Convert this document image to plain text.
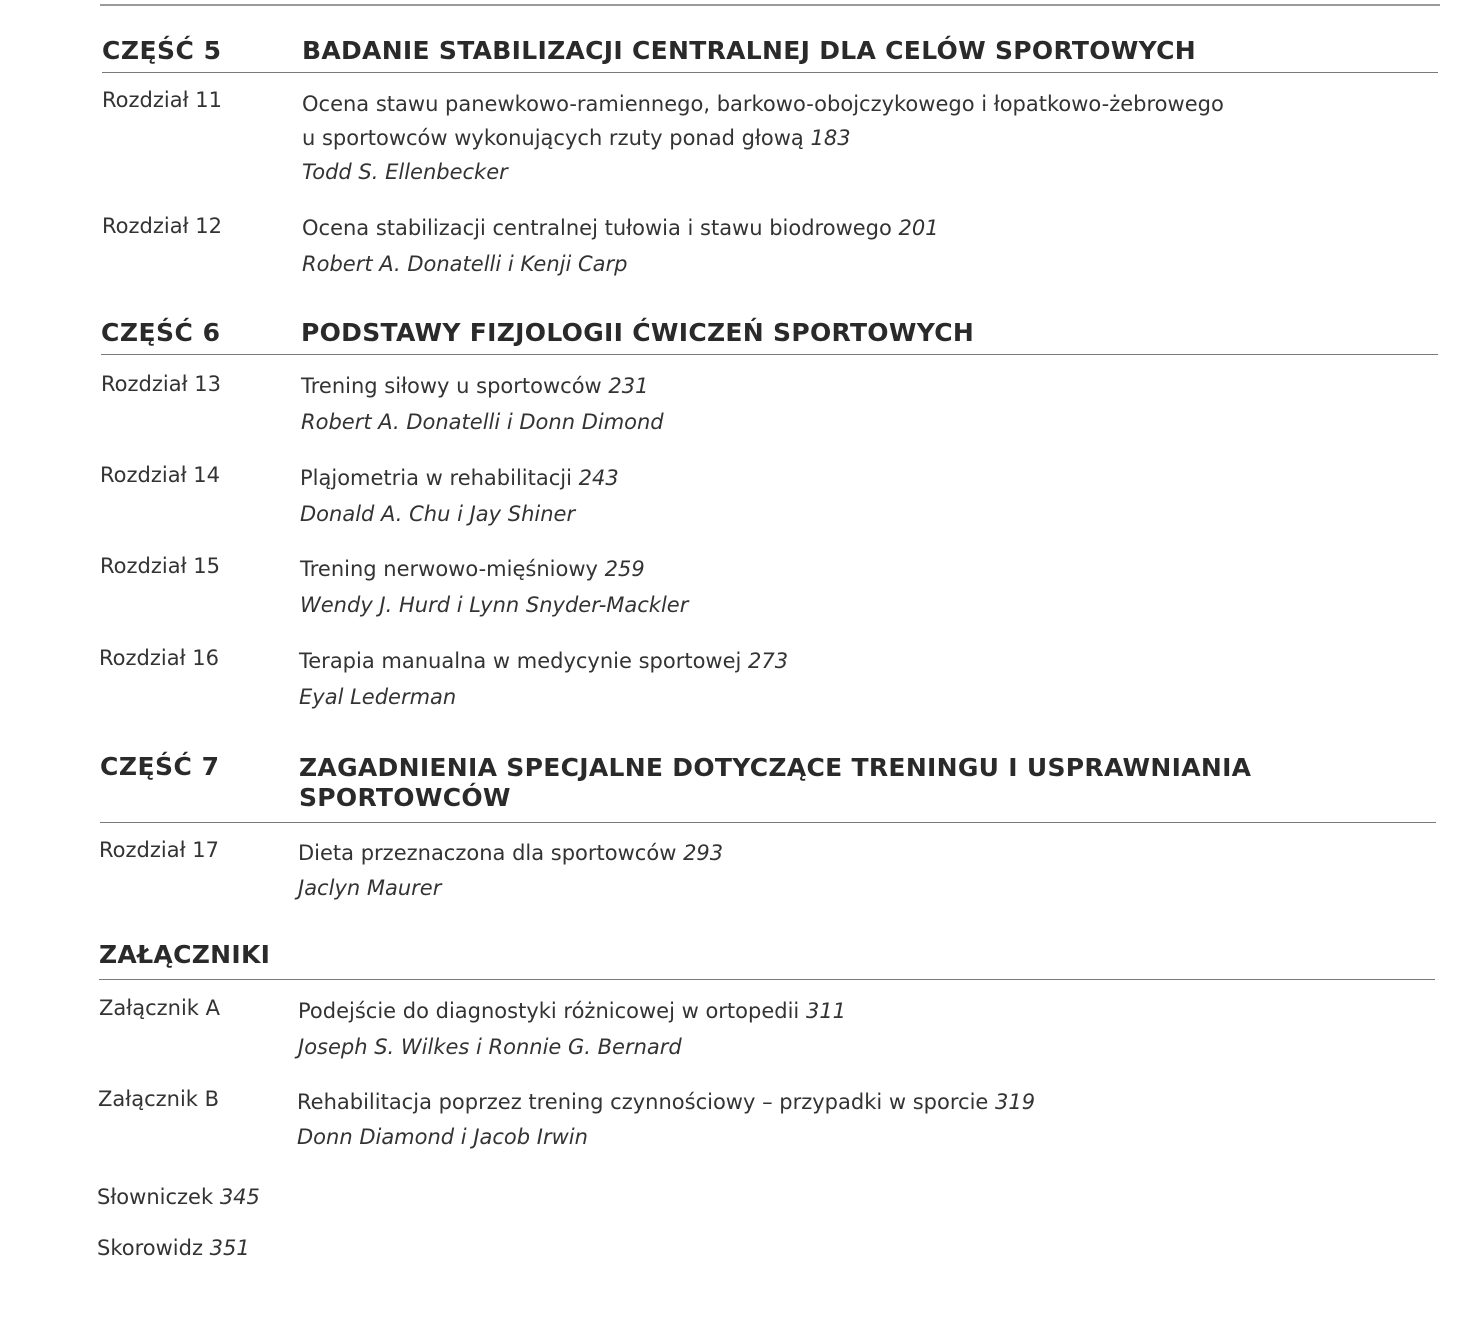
CZĘŚĆ 5	BADANIE STABILIZACJI CENTRALNEJ DLA CELÓW SPORTOWYCH
Rozdział 11	Ocena stawu panewkowo-ramiennego, barkowo-obojczykowego i łopatkowo-żebrowego
u sportowców wykonujących rzuty ponad głową 183
Todd S. Ellenbecker
Rozdział 12	Ocena stabilizacji centralnej tułowia i stawu biodrowego 201
Robert A. Donatelli i Kenji Carp
CZĘŚĆ 6	PODSTAWY FIZJOLOGII ĆWICZEŃ SPORTOWYCH
Rozdział 13	Trening siłowy u sportowców 231
Robert A. Donatelli i Donn Dimond
Rozdział 14	Pląjometria w rehabilitacji 243
Donald A. Chu i Jay Shiner
Rozdział 15	Trening nerwowo-mięśniowy 259
Wendy J. Hurd i Lynn Snyder-Mackler
Rozdział 16	Terapia manualna w medycynie sportowej 273
Eyal Lederman
CZĘŚĆ 7	ZAGADNIENIA SPECJALNE DOTYCZĄCE TRENINGU I USPRAWNIANIA
SPORTOWCÓW
Rozdział 17	Dieta przeznaczona dla sportowców 293
Jaclyn Maurer
ZAŁĄCZNIKI
Załącznik A	Podejście do diagnostyki różnicowej w ortopedii 311
Joseph S. Wilkes i Ronnie G. Bernard
Załącznik B	Rehabilitacja poprzez trening czynnościowy – przypadki w sporcie 319
Donn Diamond i Jacob Irwin
Słowniczek 345
Skorowidz 351
